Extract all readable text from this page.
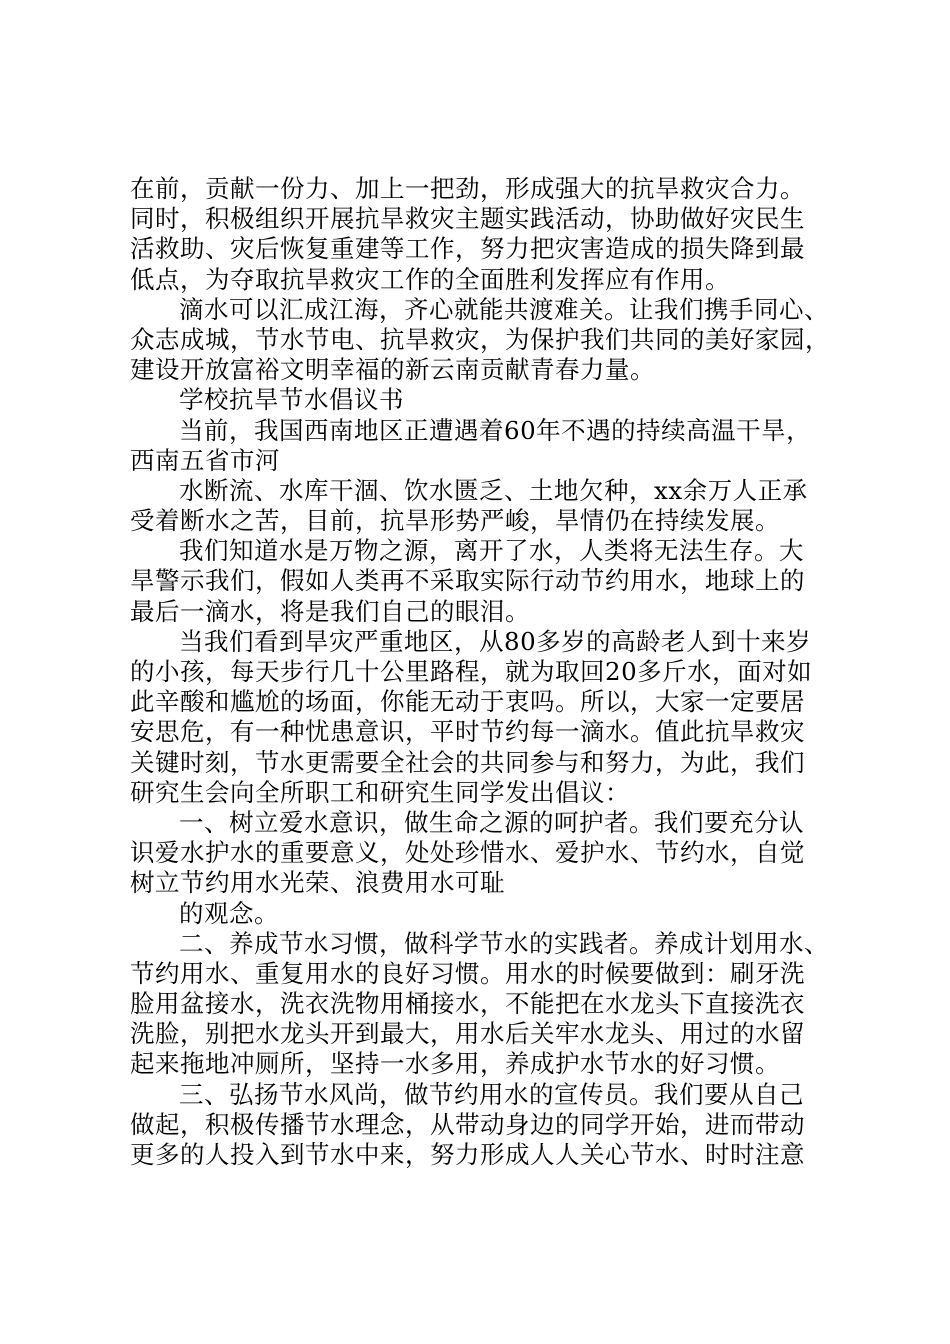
在前，贡献一份力、加上一把劲，形成强大的抗旱救灾合力。
同时，积极组织开展抗旱救灾主题实践活动，协助做好灾民生
活救助、灾后恢复重建等工作，努力把灾害造成的损失降到最
低点，为夺取抗旱救灾工作的全面胜利发挥应有作用。
滴水可以汇成江海，齐心就能共渡难关。让我们携手同心、
众志成城，节水节电、抗旱救灾，为保护我们共同的美好家园，
建设开放富裕文明幸福的新云南贡献青春力量。
学校抗旱节水倡议书
当前，我国西南地区正遭遇着60年不遇的持续高温干旱，
西南五省市河
水断流、水库干涸、饮水匮乏、土地欠种，xx余万人正承
受着断水之苦，目前，抗旱形势严峻，旱情仍在持续发展。
我们知道水是万物之源，离开了水，人类将无法生存。大
旱警示我们，假如人类再不采取实际行动节约用水，地球上的
最后一滴水，将是我们自己的眼泪。
当我们看到旱灾严重地区，从80多岁的高龄老人到十来岁
的小孩，每天步行几十公里路程，就为取回20多斤水，面对如
此辛酸和尴尬的场面，你能无动于衷吗。所以，大家一定要居
安思危，有一种忧患意识，平时节约每一滴水。值此抗旱救灾
关键时刻，节水更需要全社会的共同参与和努力，为此，我们
研究生会向全所职工和研究生同学发出倡议：
一、树立爱水意识，做生命之源的呵护者。我们要充分认
识爱水护水的重要意义，处处珍惜水、爱护水、节约水，自觉
树立节约用水光荣、浪费用水可耻
的观念。
二、养成节水习惯，做科学节水的实践者。养成计划用水、
节约用水、重复用水的良好习惯。用水的时候要做到：刷牙洗
脸用盆接水，洗衣洗物用桶接水，不能把在水龙头下直接洗衣
洗脸，别把水龙头开到最大，用水后关牢水龙头、用过的水留
起来拖地冲厕所，坚持一水多用，养成护水节水的好习惯。
三、弘扬节水风尚，做节约用水的宣传员。我们要从自己
做起，积极传播节水理念，从带动身边的同学开始，进而带动
更多的人投入到节水中来，努力形成人人关心节水、时时注意
